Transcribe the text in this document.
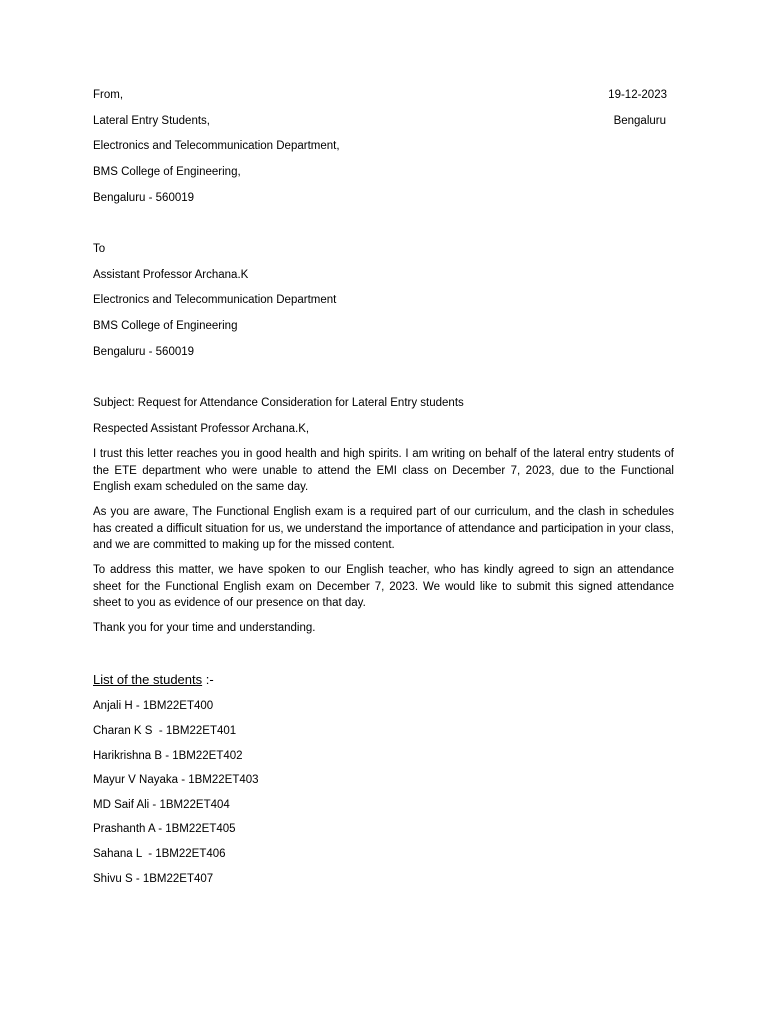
From,	19-12-2023
Lateral Entry Students,	Bengaluru
Electronics and Telecommunication Department,
BMS College of Engineering,
Bengaluru - 560019
To
Assistant Professor Archana.K
Electronics and Telecommunication Department
BMS College of Engineering
Bengaluru - 560019
Subject: Request for Attendance Consideration for Lateral Entry students
Respected Assistant Professor Archana.K,

I trust this letter reaches you in good health and high spirits. I am writing on behalf of the lateral entry students of the ETE department who were unable to attend the EMI class on December 7, 2023, due to the Functional English exam scheduled on the same day.

As you are aware, The Functional English exam is a required part of our curriculum, and the clash in schedules has created a difficult situation for us, we understand the importance of attendance and participation in your class, and we are committed to making up for the missed content.

To address this matter, we have spoken to our English teacher, who has kindly agreed to sign an attendance sheet for the Functional English exam on December 7, 2023. We would like to submit this signed attendance sheet to you as evidence of our presence on that day.

Thank you for your time and understanding.

List of the students :-
Anjali H - 1BM22ET400
Charan K S  - 1BM22ET401
Harikrishna B - 1BM22ET402
Mayur V Nayaka - 1BM22ET403
MD Saif Ali - 1BM22ET404
Prashanth A - 1BM22ET405
Sahana L  - 1BM22ET406
Shivu S - 1BM22ET407
